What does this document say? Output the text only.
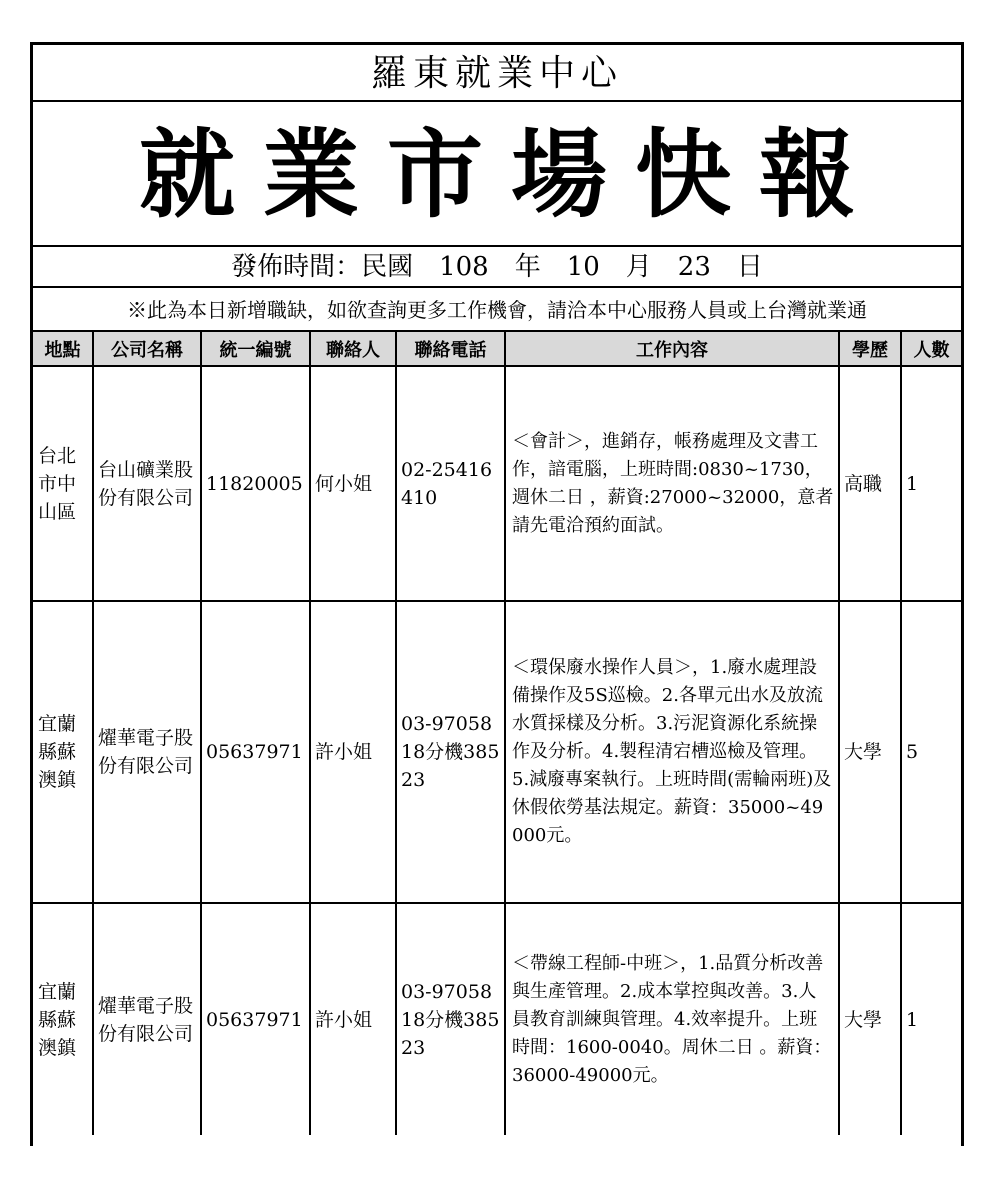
羅東就業中心
就業市場快報
發佈時間：民國　108　年　10　月　23　日
※此為本日新增職缺，如欲查詢更多工作機會，請洽本中心服務人員或上台灣就業通
地點	公司名稱	統一編號	聯絡人	聯絡電話	工作內容	學歷	人數
台北市中山區	台山礦業股份有限公司	11820005	何小姐	02-25416410	＜會計＞，進銷存，帳務處理及文書工作，諳電腦，上班時間:0830~1730，週休二日 ，薪資:27000~32000，意者請先電洽預約面試。	高職	1
宜蘭縣蘇澳鎮	燿華電子股份有限公司	05637971	許小姐	03-9705818分機38523	＜環保廢水操作人員＞，1.廢水處理設備操作及5S巡檢。2.各單元出水及放流水質採樣及分析。3.污泥資源化系統操作及分析。4.製程清宕槽巡檢及管理。5.減廢專案執行。上班時間(需輪兩班)及休假依勞基法規定。薪資：35000~49000元。	大學	5
宜蘭縣蘇澳鎮	燿華電子股份有限公司	05637971	許小姐	03-9705818分機38523	＜帶線工程師-中班＞，1.品質分析改善與生產管理。2.成本掌控與改善。3.人員教育訓練與管理。4.效率提升。上班時間：1600-0040。周休二日 。薪資：36000-49000元。	大學	1
